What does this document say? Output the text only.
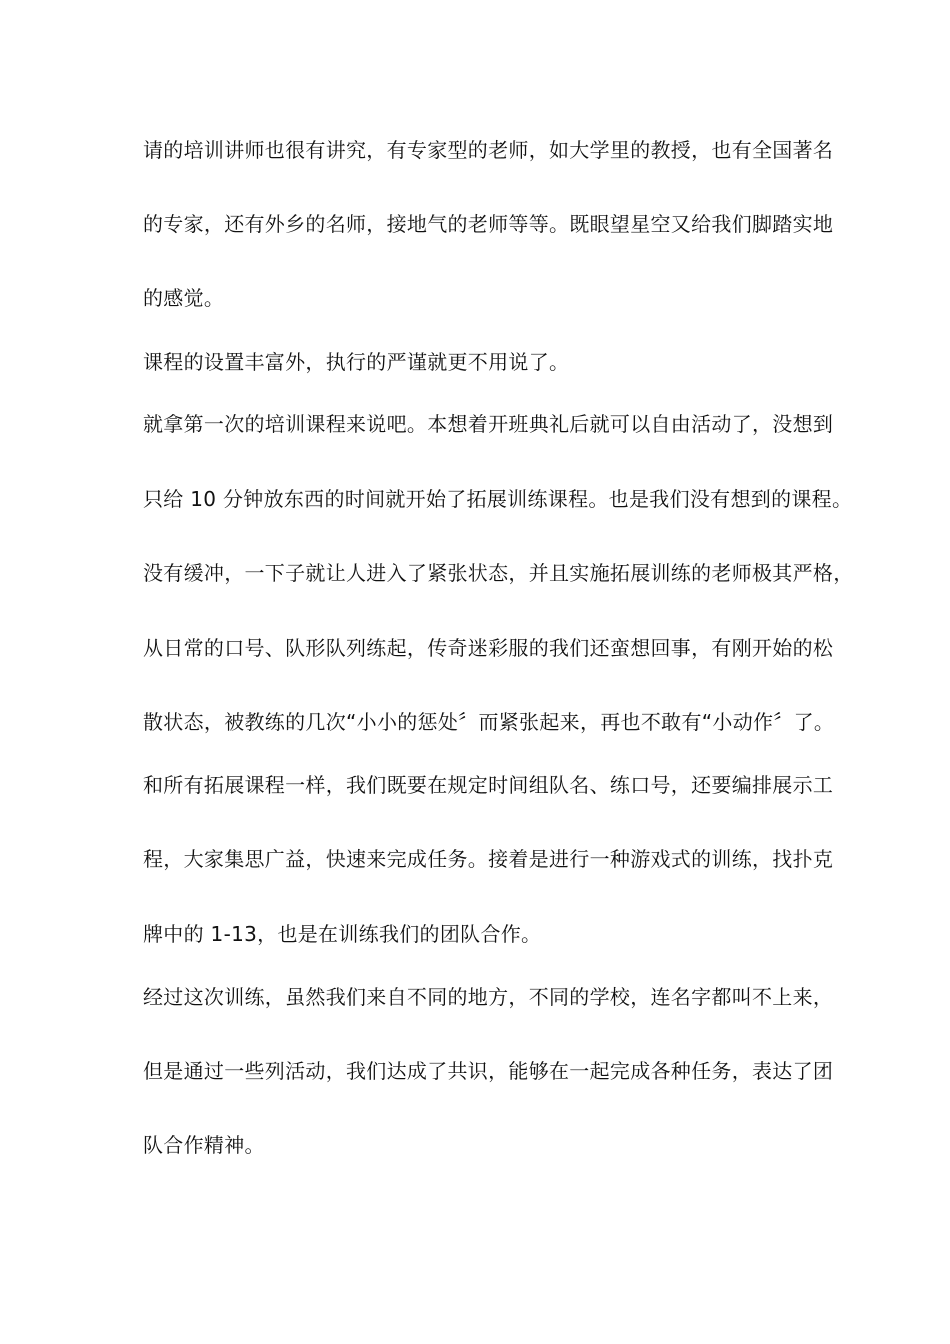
请的培训讲师也很有讲究，有专家型的老师，如大学里的教授，也有全国著名
的专家，还有外乡的名师，接地气的老师等等。既眼望星空又给我们脚踏实地
的感觉。
课程的设置丰富外，执行的严谨就更不用说了。
就拿第一次的培训课程来说吧。本想着开班典礼后就可以自由活动了，没想到
只给 10 分钟放东西的时间就开始了拓展训练课程。也是我们没有想到的课程。
没有缓冲，一下子就让人进入了紧张状态，并且实施拓展训练的老师极其严格，
从日常的口号、队形队列练起，传奇迷彩服的我们还蛮想回事，有刚开始的松
散状态，被教练的几次“小小的惩处〞而紧张起来，再也不敢有“小动作〞了。
和所有拓展课程一样，我们既要在规定时间组队名、练口号，还要编排展示工
程，大家集思广益，快速来完成任务。接着是进行一种游戏式的训练，找扑克
牌中的 1-13，也是在训练我们的团队合作。
经过这次训练，虽然我们来自不同的地方，不同的学校，连名字都叫不上来，
但是通过一些列活动，我们达成了共识，能够在一起完成各种任务，表达了团
队合作精神。
